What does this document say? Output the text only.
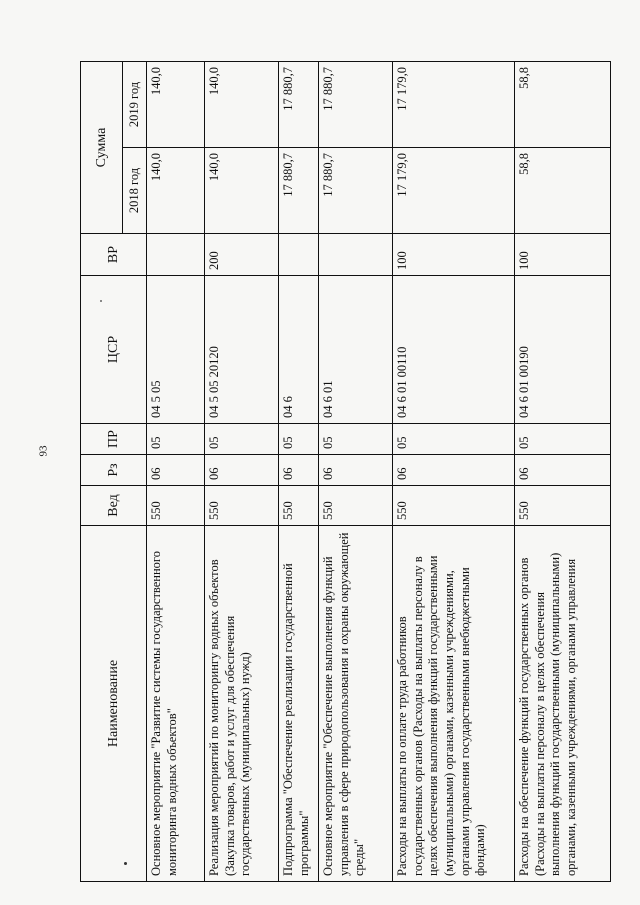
93
Наименование	Вед	Рз	ПР	ЦСР	ВР	Сумма	
						2018 год	2019 год
Основное мероприятие "Развитие системы государственного мониторинга водных объектов"	550	06	05	04 5 05		140,0	140,0
Реализация мероприятий по мониторингу водных объектов (Закупка товаров, работ и услуг для обеспечения государственных (муниципальных) нужд)	550	06	05	04 5 05 20120	200	140,0	140,0
Подпрограмма "Обеспечение реализации государственной программы"	550	06	05	04 6		17 880,7	17 880,7
Основное мероприятие "Обеспечение выполнения функций управления в сфере природопользования и охраны окружающей среды"	550	06	05	04 6 01		17 880,7	17 880,7
Расходы на выплаты по оплате труда работников государственных органов (Расходы на выплаты персоналу в целях обеспечения выполнения функций государственными (муниципальными) органами, казенными учреждениями, органами управления государственными внебюджетными фондами)	550	06	05	04 6 01 00110	100	17 179,0	17 179,0
Расходы на обеспечение функций государственных органов (Расходы на выплаты персоналу в целях обеспечения выполнения функций государственными (муниципальными) органами, казенными учреждениями, органами управления	550	06	05	04 6 01 00190	100	58,8	58,8
